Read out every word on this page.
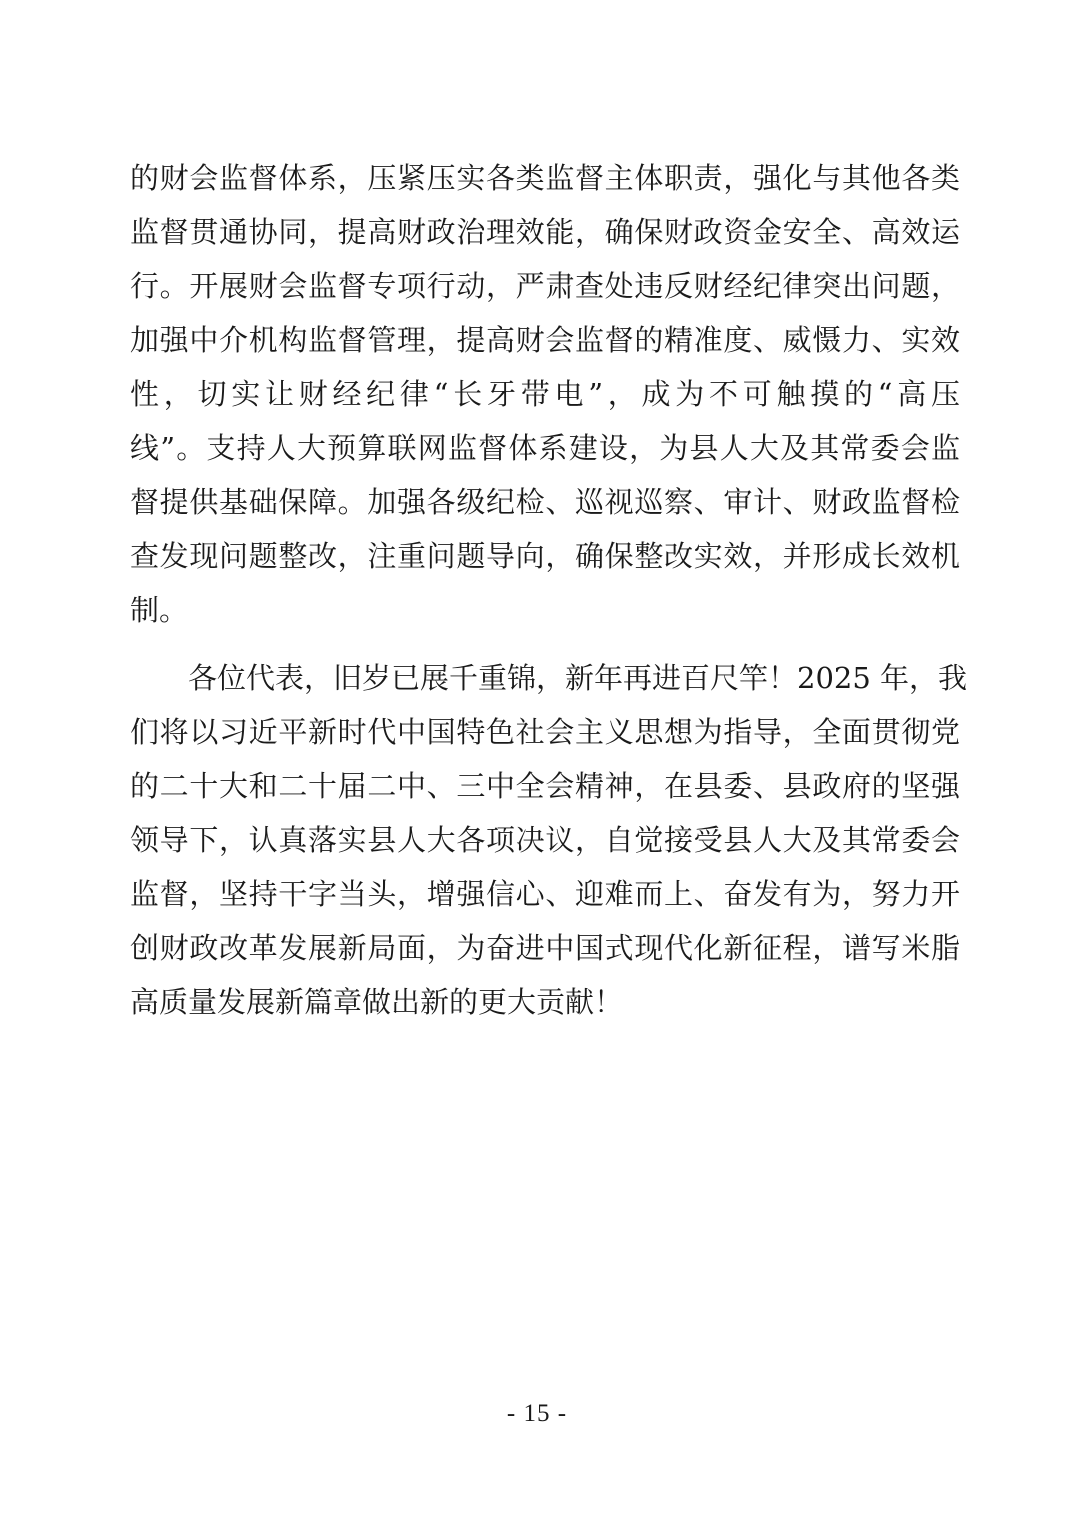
的财会监督体系，压紧压实各类监督主体职责，强化与其他各类
监督贯通协同，提高财政治理效能，确保财政资金安全、高效运
行。开展财会监督专项行动，严肃查处违反财经纪律突出问题，
加强中介机构监督管理，提高财会监督的精准度、威慑力、实效
性，切实让财经纪律“长牙带电”，成为不可触摸的“高压
线”。支持人大预算联网监督体系建设，为县人大及其常委会监
督提供基础保障。加强各级纪检、巡视巡察、审计、财政监督检
查发现问题整改，注重问题导向，确保整改实效，并形成长效机
制。
各位代表，旧岁已展千重锦，新年再进百尺竿！2025 年，我
们将以习近平新时代中国特色社会主义思想为指导，全面贯彻党
的二十大和二十届二中、三中全会精神，在县委、县政府的坚强
领导下，认真落实县人大各项决议，自觉接受县人大及其常委会
监督，坚持干字当头，增强信心、迎难而上、奋发有为，努力开
创财政改革发展新局面，为奋进中国式现代化新征程，谱写米脂
高质量发展新篇章做出新的更大贡献！
- 15 -
